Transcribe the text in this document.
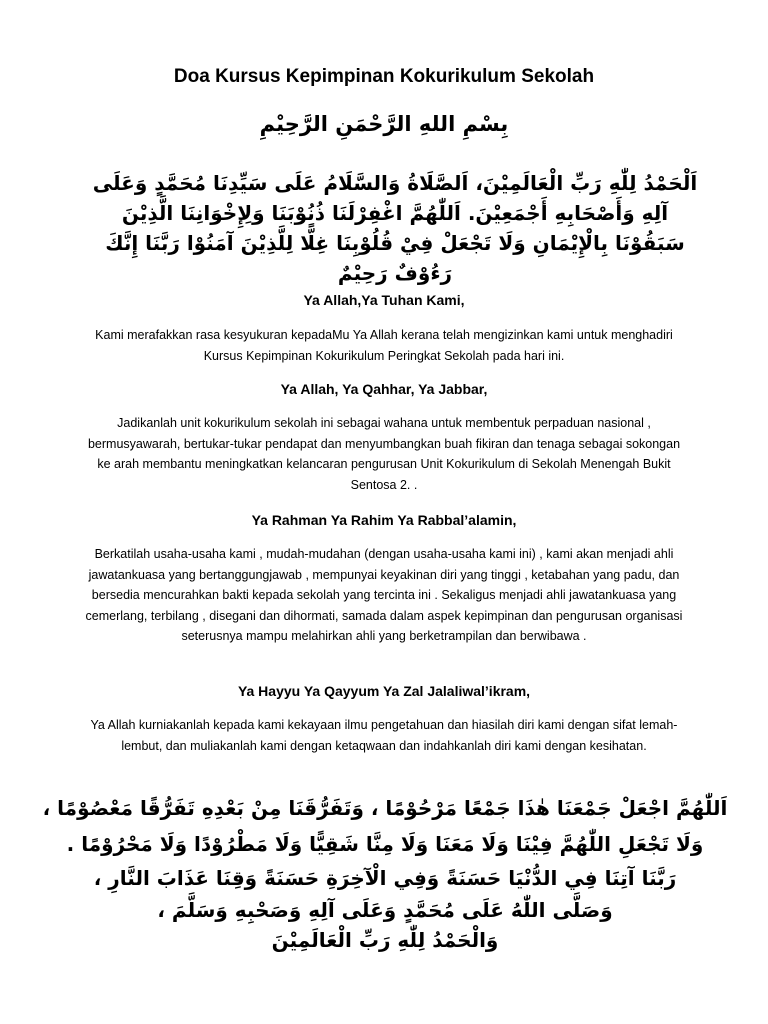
Doa Kursus Kepimpinan Kokurikulum Sekolah
بِسْمِ اللهِ الرَّحْمَنِ الرَّحِيْمِ
اَلْحَمْدُ لِلّٰهِ رَبِّ الْعَالَمِيْنَ، اَلصَّلَاةُ وَالسَّلَامُ عَلَى سَيِّدِنَا مُحَمَّدٍ وَعَلَى آلِهِ وَأَصْحَابِهِ أَجْمَعِيْنَ. اَللّٰهُمَّ اغْفِرْلَنَا ذُنُوْبَنَا وَلِإِخْوَانِنَا الَّذِيْنَ سَبَقُوْنَا بِالْإِيْمَانِ وَلَا تَجْعَلْ فِيْ قُلُوْبِنَا غِلًّا لِلَّذِيْنَ آمَنُوْا رَبَّنَا إِنَّكَ رَءُوْفٌ رَحِيْمٌ
Ya Allah,Ya Tuhan Kami,
Kami merafakkan rasa kesyukuran kepadaMu Ya Allah kerana telah mengizinkan kami untuk menghadiri Kursus Kepimpinan Kokurikulum Peringkat Sekolah pada hari ini.
Ya Allah, Ya Qahhar, Ya Jabbar,
Jadikanlah unit kokurikulum sekolah ini sebagai wahana untuk membentuk perpaduan nasional , bermusyawarah, bertukar-tukar pendapat dan menyumbangkan buah fikiran dan tenaga sebagai sokongan ke arah membantu meningkatkan kelancaran pengurusan Unit Kokurikulum di Sekolah Menengah Bukit Sentosa 2. .
Ya Rahman Ya Rahim Ya Rabbal’alamin,
Berkatilah usaha-usaha kami , mudah-mudahan (dengan usaha-usaha kami ini) , kami akan menjadi ahli jawatankuasa yang bertanggungjawab , mempunyai keyakinan diri yang tinggi , ketabahan yang padu, dan bersedia mencurahkan bakti kepada sekolah yang tercinta ini . Sekaligus menjadi ahli jawatankuasa yang cemerlang, terbilang , disegani dan dihormati, samada dalam aspek kepimpinan dan pengurusan organisasi seterusnya mampu melahirkan ahli yang berketrampilan dan berwibawa .
Ya Hayyu Ya Qayyum Ya Zal Jalaliwal’ikram,
Ya Allah kurniakanlah kepada kami kekayaan ilmu pengetahuan dan hiasilah diri kami dengan sifat lemah-lembut, dan muliakanlah kami dengan ketaqwaan dan indahkanlah diri kami dengan kesihatan.
اَللّٰهُمَّ اجْعَلْ جَمْعَنَا هٰذَا جَمْعًا مَرْحُوْمًا ، وَتَفَرُّقَنَا مِنْ بَعْدِهِ تَفَرُّقًا مَعْصُوْمًا ،
وَلَا تَجْعَلِ اللّٰهُمَّ فِيْنَا وَلَا مَعَنَا وَلَا مِنَّا شَقِيًّا وَلَا مَطْرُوْدًا وَلَا مَحْرُوْمًا .
رَبَّنَا آتِنَا فِي الدُّنْيَا حَسَنَةً وَفِي الْآخِرَةِ حَسَنَةً وَقِنَا عَذَابَ النَّارِ ،
وَصَلَّى اللّٰهُ عَلَى مُحَمَّدٍ وَعَلَى آلِهِ وَصَحْبِهِ وَسَلَّمَ ،
وَالْحَمْدُ لِلّٰهِ رَبِّ الْعَالَمِيْنَ
